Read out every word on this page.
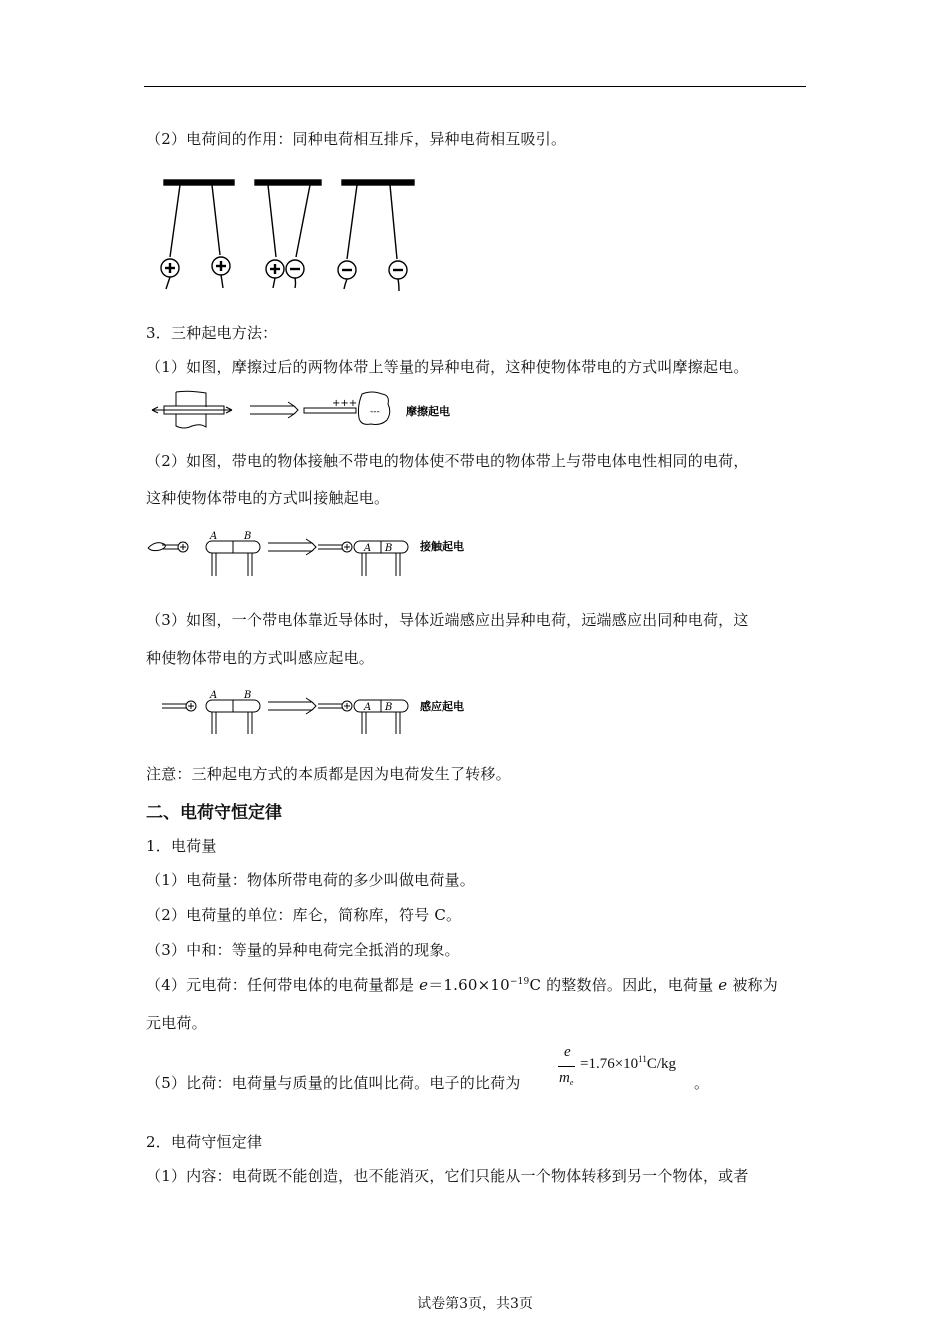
（2）电荷间的作用：同种电荷相互排斥，异种电荷相互吸引。
3．三种起电方法：
（1）如图，摩擦过后的两物体带上等量的异种电荷，这种使物体带电的方式叫摩擦起电。
+++
--- 摩擦起电
（2）如图，带电的物体接触不带电的物体使不带电的物体带上与带电体电性相同的电荷，
这种使物体带电的方式叫接触起电。
A	B
A B	接触起电
（3）如图，一个带电体靠近导体时，导体近端感应出异种电荷，远端感应出同种电荷，这
种使物体带电的方式叫感应起电。
A	B
A B	感应起电
注意：三种起电方式的本质都是因为电荷发生了转移。
二、电荷守恒定律
1．电荷量
（1）电荷量：物体所带电荷的多少叫做电荷量。
（2）电荷量的单位：库仑，简称库，符号 C。
（3）中和：等量的异种电荷完全抵消的现象。
（4）元电荷：任何带电体的电荷量都是 $e=1.60\times 10^{-19}C$ 的整数倍。因此，电荷量 e 被称为
元电荷。
（5）比荷：电荷量与质量的比值叫比荷。电子的比荷为
e
$m_e$
$=1.76\times 10^{11}C/kg$
。
2．电荷守恒定律
（1）内容：电荷既不能创造，也不能消灭，它们只能从一个物体转移到另一个物体，或者
试卷第3页，共3页
